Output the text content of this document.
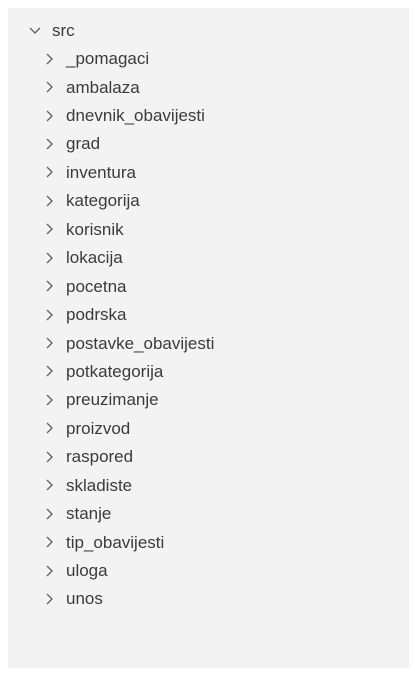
src
_pomagaci
ambalaza
dnevnik_obavijesti
grad
inventura
kategorija
korisnik
lokacija
pocetna
podrska
postavke_obavijesti
potkategorija
preuzimanje
proizvod
raspored
skladiste
stanje
tip_obavijesti
uloga
unos
